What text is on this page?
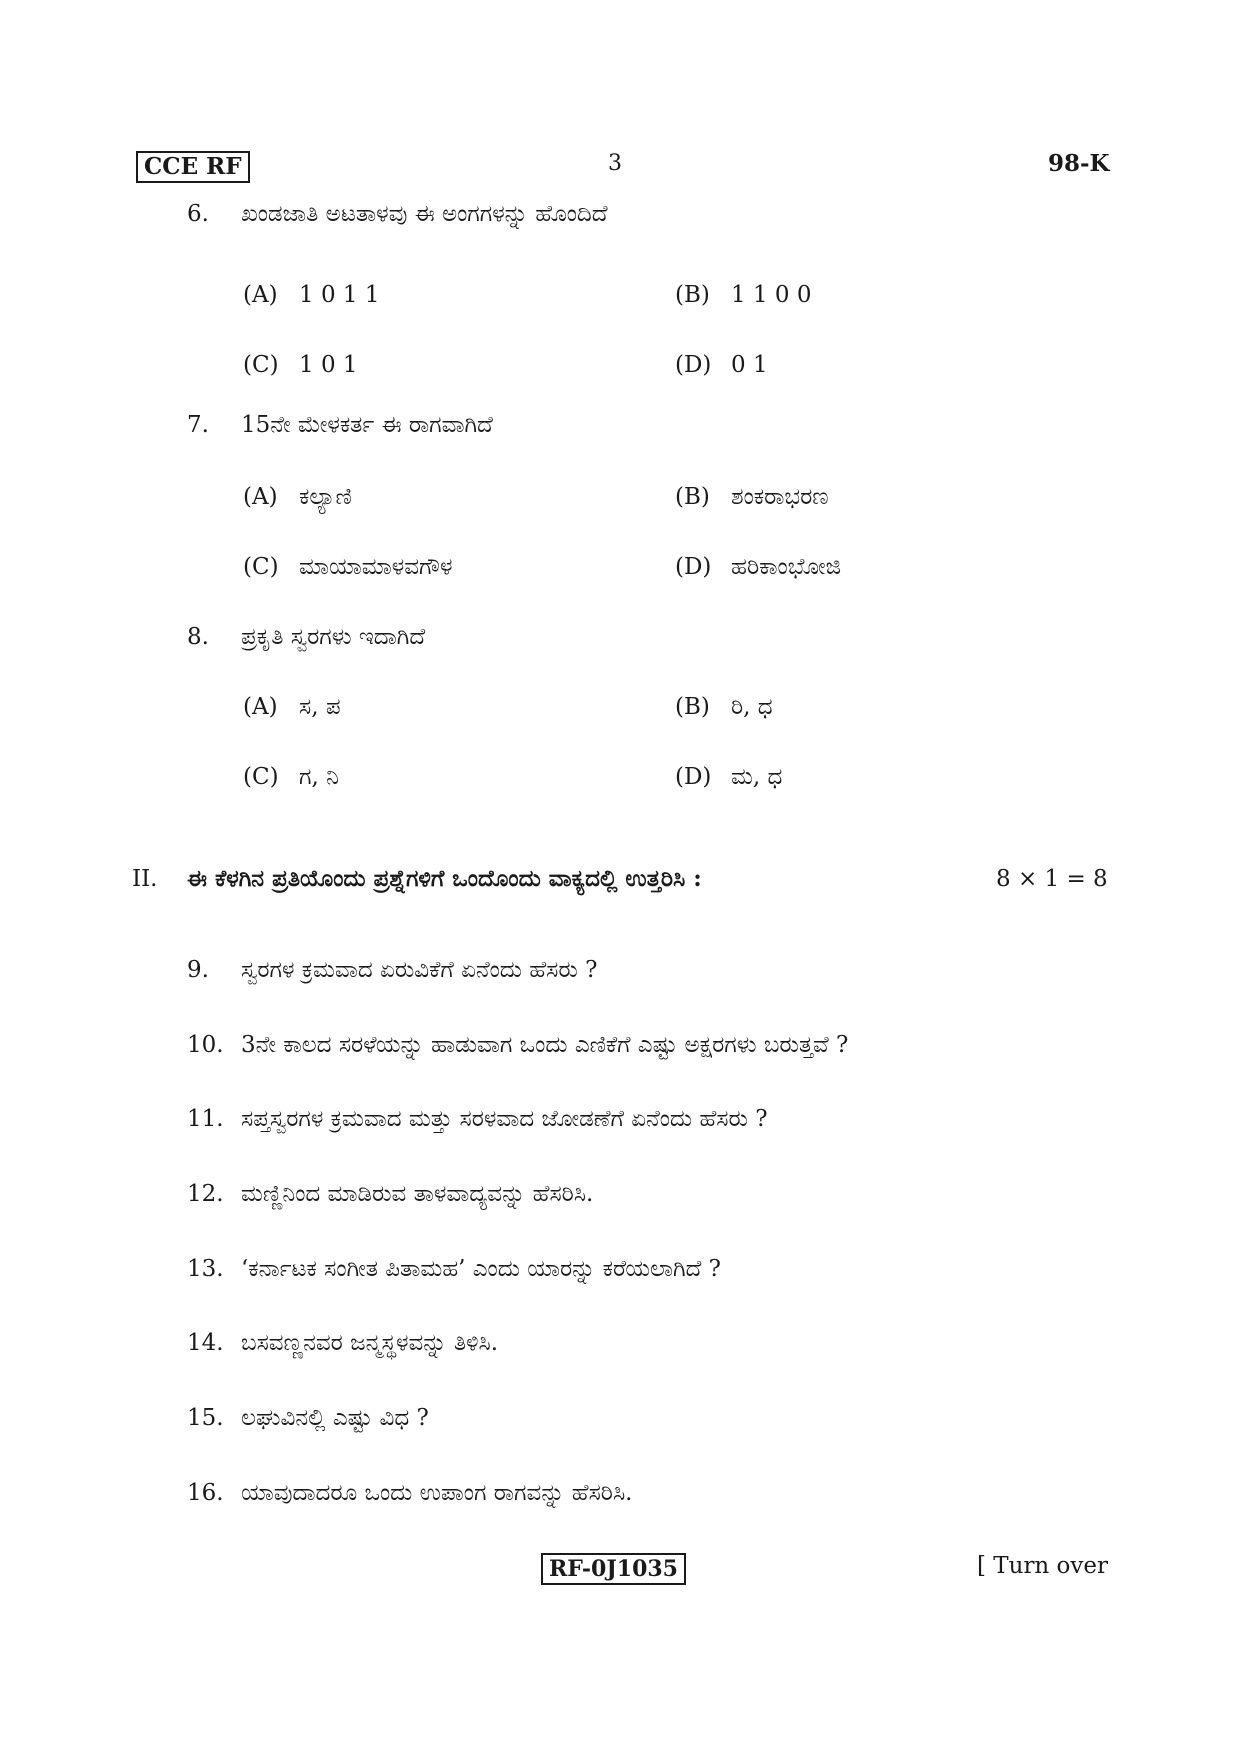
CCE RF	3	98-K
6. ಖಂಡಜಾತಿ ಅಟತಾಳವು ಈ ಅಂಗಗಳನ್ನು ಹೊಂದಿದೆ
(A) 1 0 1 1	(B) 1 1 0 0
(C) 1 0 1	(D) 0 1
7. 15ನೇ ಮೇಳಕರ್ತ ಈ ರಾಗವಾಗಿದೆ
(A) ಕಲ್ಯಾಣಿ	(B) ಶಂಕರಾಭರಣ
(C) ಮಾಯಾಮಾಳವಗೌಳ	(D) ಹರಿಕಾಂಭೋಜಿ
8. ಪ್ರಕೃತಿ ಸ್ವರಗಳು ಇದಾಗಿದೆ
(A) ಸ, ಪ	(B) ರಿ, ಧ
(C) ಗ, ನಿ	(D) ಮ, ಧ
II. ಈ ಕೆಳಗಿನ ಪ್ರತಿಯೊಂದು ಪ್ರಶ್ನೆಗಳಿಗೆ ಒಂದೊಂದು ವಾಕ್ಯದಲ್ಲಿ ಉತ್ತರಿಸಿ :	8 × 1 = 8
9. ಸ್ವರಗಳ ಕ್ರಮವಾದ ಏರುವಿಕೆಗೆ ಏನೆಂದು ಹೆಸರು ?
10. 3ನೇ ಕಾಲದ ಸರಳೆಯನ್ನು ಹಾಡುವಾಗ ಒಂದು ಎಣಿಕೆಗೆ ಎಷ್ಟು ಅಕ್ಷರಗಳು ಬರುತ್ತವೆ ?
11. ಸಪ್ತಸ್ವರಗಳ ಕ್ರಮವಾದ ಮತ್ತು ಸರಳವಾದ ಜೋಡಣೆಗೆ ಏನೆಂದು ಹೆಸರು ?
12. ಮಣ್ಣಿನಿಂದ ಮಾಡಿರುವ ತಾಳವಾದ್ಯವನ್ನು ಹೆಸರಿಸಿ.
13. ‘ಕರ್ನಾಟಕ ಸಂಗೀತ ಪಿತಾಮಹ’ ಎಂದು ಯಾರನ್ನು ಕರೆಯಲಾಗಿದೆ ?
14. ಬಸವಣ್ಣನವರ ಜನ್ಮಸ್ಥಳವನ್ನು ತಿಳಿಸಿ.
15. ಲಘುವಿನಲ್ಲಿ ಎಷ್ಟು ವಿಧ ?
16. ಯಾವುದಾದರೂ ಒಂದು ಉಪಾಂಗ ರಾಗವನ್ನು ಹೆಸರಿಸಿ.
RF-0J1035	[ Turn over
